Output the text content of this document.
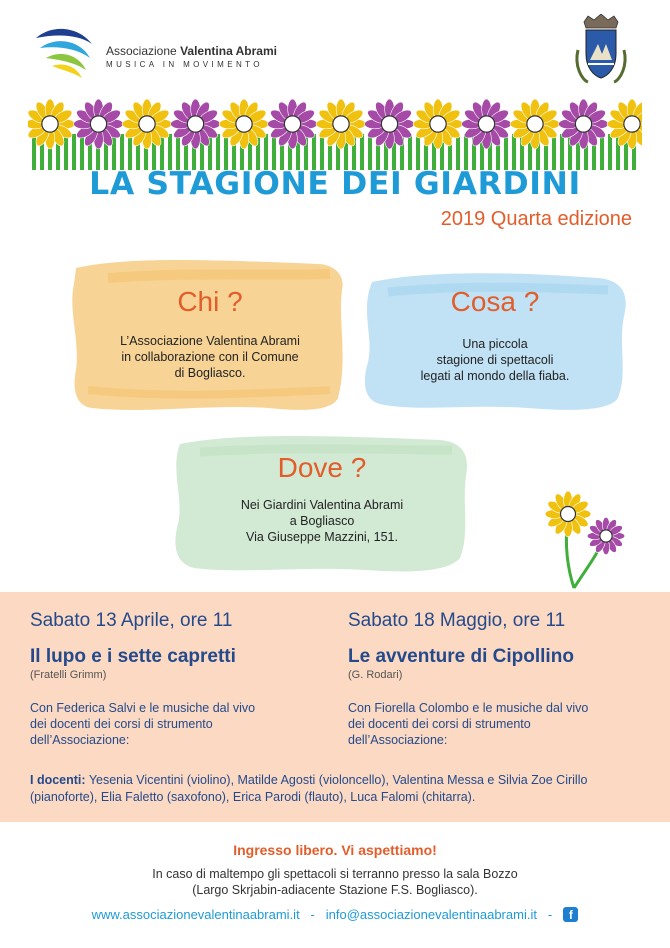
Associazione Valentina Abrami
MUSICA IN MOVIMENTO
LA STAGIONE DEI GIARDINI
2019 Quarta edizione
Chi ?
L’Associazione Valentina Abrami
in collaborazione con il Comune
di Bogliasco.
Cosa ?
Una piccola
stagione di spettacoli
legati al mondo della fiaba.
Dove ?
Nei Giardini Valentina Abrami
a Bogliasco
Via Giuseppe Mazzini, 151.
Sabato 13 Aprile, ore 11
Il lupo e i sette capretti
(Fratelli Grimm)
Con Federica Salvi e le musiche dal vivo
dei docenti dei corsi di strumento
dell’Associazione:
Sabato 18 Maggio, ore 11
Le avventure di Cipollino
(G. Rodari)
Con Fiorella Colombo e le musiche dal vivo
dei docenti dei corsi di strumento
dell’Associazione:
I docenti: Yesenia Vicentini (violino), Matilde Agosti (violoncello), Valentina Messa e Silvia Zoe Cirillo (pianoforte), Elia Faletto (saxofono), Erica Parodi (flauto), Luca Falomi (chitarra).
Ingresso libero. Vi aspettiamo!
In caso di maltempo gli spettacoli si terranno presso la sala Bozzo
(Largo Skrjabin-adiacente Stazione F.S. Bogliasco).
www.associazionevalentinaabrami.it - info@associazionevalentinaabrami.it - f
